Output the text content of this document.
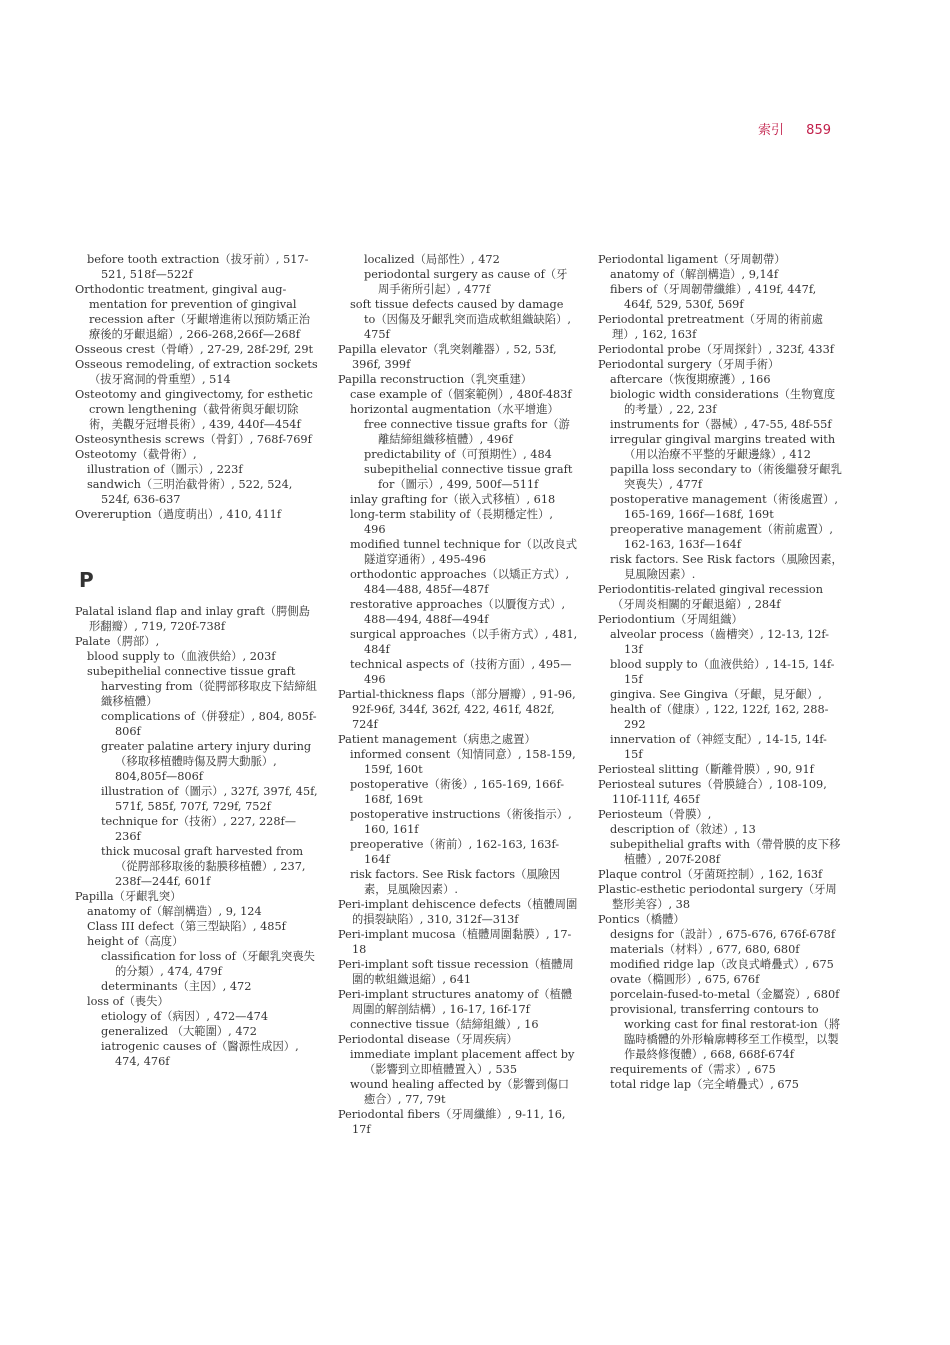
索引 859
before tooth extraction（拔牙前）, 517-521, 518f—522f
Orthodontic treatment, gingival aug-mentation for prevention of gingival recession after（牙齦增進術以預防矯正治療後的牙齦退縮）, 266-268,266f—268f
Osseous crest（骨嵴）, 27-29, 28f-29f, 29t
Osseous remodeling, of extraction sockets（拔牙窩洞的骨重塑）, 514
Osteotomy and gingivectomy, for esthetic crown lengthening（截骨術與牙齦切除術，美觀牙冠增長術）, 439, 440f—454f
Osteosynthesis screws（骨釘）, 768f-769f
Osteotomy（截骨術）,
illustration of（圖示）, 223f
sandwich（三明治截骨術）, 522, 524, 524f, 636-637
Overeruption（過度萌出）, 410, 411f
P
Palatal island flap and inlay graft（腭側島形翻瓣）, 719, 720f-738f
Palate（腭部）,
blood supply to（血液供給）, 203f
subepithelial connective tissue graft harvesting from（從腭部移取皮下結締組織移植體）
complications of（併發症）, 804, 805f-806f
greater palatine artery injury during（移取移植體時傷及腭大動脈）, 804,805f—806f
illustration of（圖示）, 327f, 397f, 45f, 571f, 585f, 707f, 729f, 752f
technique for（技術）, 227, 228f—236f
thick mucosal graft harvested from（從腭部移取後的黏膜移植體）, 237, 238f—244f, 601f
Papilla（牙齦乳突）
anatomy of（解剖構造）, 9, 124
Class III defect（第三型缺陷）, 485f
height of（高度）
classification for loss of（牙齦乳突喪失的分類）, 474, 479f
determinants（主因）, 472
loss of（喪失）
etiology of（病因）, 472—474
generalized （大範圍）, 472
iatrogenic causes of（醫源性成因）, 474, 476f
localized（局部性）, 472
periodontal surgery as cause of（牙周手術所引起）, 477f
soft tissue defects caused by damage to（因傷及牙齦乳突而造成軟組織缺陷）, 475f
Papilla elevator（乳突剝離器）, 52, 53f, 396f, 399f
Papilla reconstruction（乳突重建）
case example of（個案範例）, 480f-483f
horizontal augmentation（水平增進）
free connective tissue grafts for（游離結締組織移植體）, 496f
predictability of（可預期性）, 484
subepithelial connective tissue graft for（圖示）, 499, 500f—511f
inlay grafting for（嵌入式移植）, 618
long-term stability of（長期穩定性）, 496
modified tunnel technique for（以改良式隧道穿通術）, 495-496
orthodontic approaches（以矯正方式）, 484—488, 485f—487f
restorative approaches（以贗復方式）, 488—494, 488f—494f
surgical approaches（以手術方式）, 481, 484f
technical aspects of（技術方面）, 495—496
Partial-thickness flaps（部分層瓣）, 91-96, 92f-96f, 344f, 362f, 422, 461f, 482f, 724f
Patient management（病患之處置）
informed consent（知情同意）, 158-159, 159f, 160t
postoperative（術後）, 165-169, 166f-168f, 169t
postoperative instructions（術後指示）, 160, 161f
preoperative（術前）, 162-163, 163f-164f
risk factors. See Risk factors（風險因素，見風險因素）.
Peri-implant dehiscence defects（植體周圍的損裂缺陷）, 310, 312f—313f
Peri-implant mucosa（植體周圍黏膜）, 17-18
Peri-implant soft tissue recession（植體周圍的軟組織退縮）, 641
Peri-implant structures anatomy of（植體周圍的解剖結構）, 16-17, 16f-17f
connective tissue（結締組織）, 16
Periodontal disease（牙周疾病）
immediate implant placement affect by（影響到立即植體置入）, 535
wound healing affected by（影響到傷口癒合）, 77, 79t
Periodontal fibers（牙周纖維）, 9-11, 16, 17f
Periodontal ligament（牙周韌帶）
anatomy of（解剖構造）, 9,14f
fibers of（牙周韌帶纖維）, 419f, 447f, 464f, 529, 530f, 569f
Periodontal pretreatment（牙周的術前處理）, 162, 163f
Periodontal probe（牙周探針）, 323f, 433f
Periodontal surgery（牙周手術）
aftercare（恢復期療護）, 166
biologic width considerations（生物寬度的考量）, 22, 23f
instruments for（器械）, 47-55, 48f-55f
irregular gingival margins treated with（用以治療不平整的牙齦邊緣）, 412
papilla loss secondary to（術後繼發牙齦乳突喪失）, 477f
postoperative management（術後處置）, 165-169, 166f—168f, 169t
preoperative management（術前處置）, 162-163, 163f—164f
risk factors. See Risk factors（風險因素，見風險因素）.
Periodontitis-related gingival recession（牙周炎相關的牙齦退縮）, 284f
Periodontium（牙周組織）
alveolar process（齒槽突）, 12-13, 12f-13f
blood supply to（血液供給）, 14-15, 14f-15f
gingiva. See Gingiva（牙齦，見牙齦）,
health of（健康）, 122, 122f, 162, 288-292
innervation of（神經支配）, 14-15, 14f-15f
Periosteal slitting（斷離骨膜）, 90, 91f
Periosteal sutures（骨膜縫合）, 108-109, 110f-111f, 465f
Periosteum（骨膜）,
description of（敘述）, 13
subepithelial grafts with（帶骨膜的皮下移植體）, 207f-208f
Plaque control（牙菌斑控制）, 162, 163f
Plastic-esthetic periodontal surgery（牙周整形美容）, 38
Pontics（橋體）
designs for（設計）, 675-676, 676f-678f
materials（材料）, 677, 680, 680f
modified ridge lap（改良式嵴疊式）, 675
ovate（橢圓形）, 675, 676f
porcelain-fused-to-metal（金屬瓷）, 680f
provisional, transferring contours to working cast for final restorat-ion（將臨時橋體的外形輪廓轉移至工作模型，以製作最終修復體）, 668, 668f-674f
requirements of（需求）, 675
total ridge lap（完全嵴疊式）, 675
